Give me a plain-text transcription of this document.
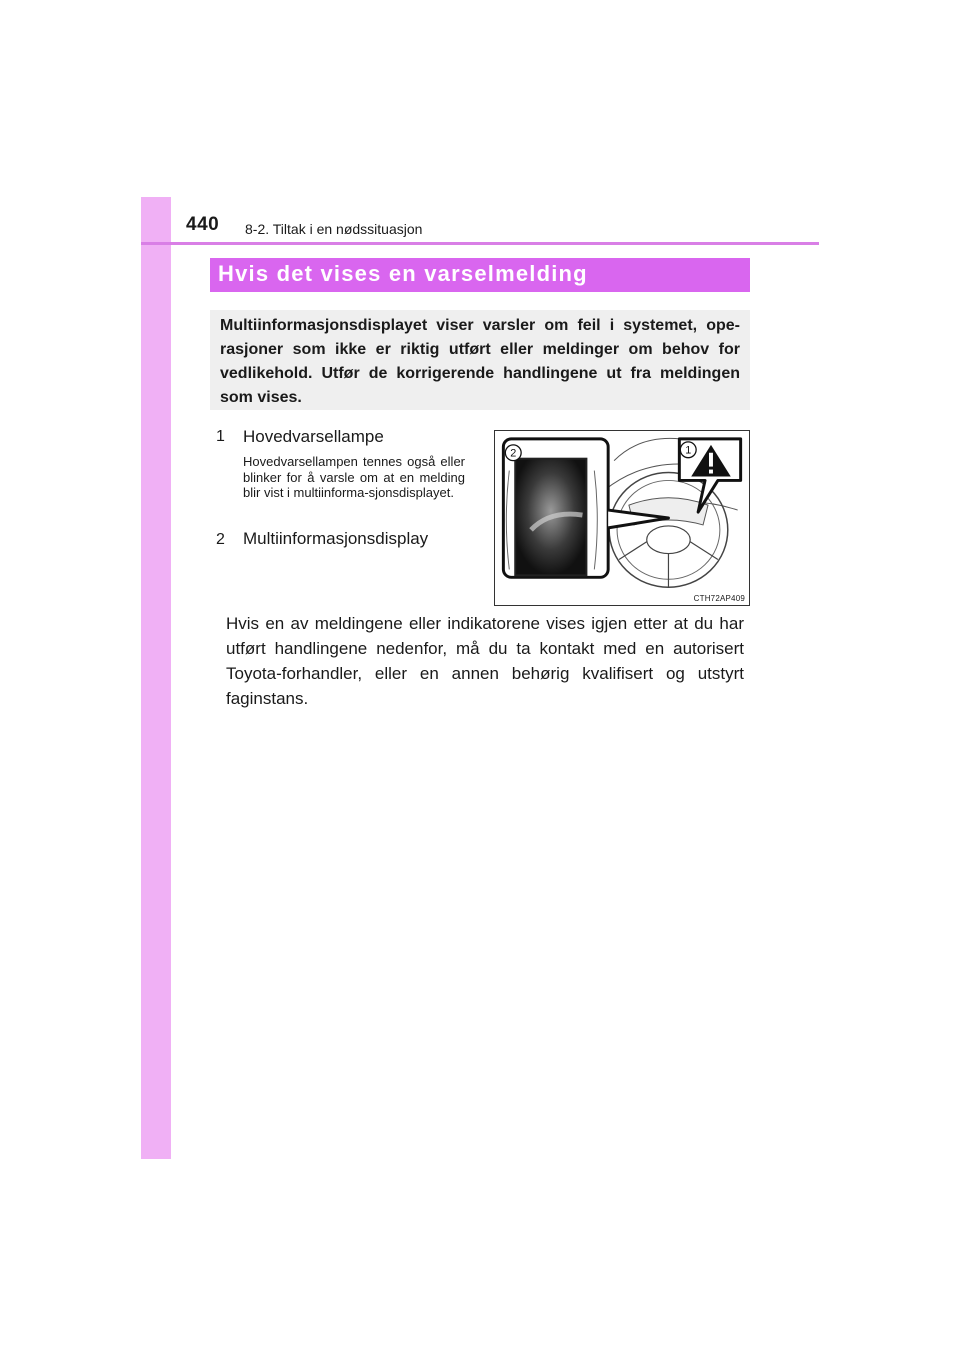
440 8-2. Tiltak i en nødssituasjon
Hvis det vises en varselmelding

Multiinformasjonsdisplayet viser varsler om feil i systemet, ope-rasjoner som ikke er riktig utført eller meldinger om behov for vedlikehold. Utfør de korrigerende handlingene ut fra meldingen som vises.

1 Hovedvarsellampe
Hovedvarsellampen tennes også eller blinker for å varsle om at en melding blir vist i multiinforma-sjonsdisplayet.
2 Multiinformasjonsdisplay
2	1
CTH72AP409
Hvis en av meldingene eller indikatorene vises igjen etter at du har utført handlingene nedenfor, må du ta kontakt med en autorisert Toyota-forhandler, eller en annen behørig kvalifisert og utstyrt faginstans.
